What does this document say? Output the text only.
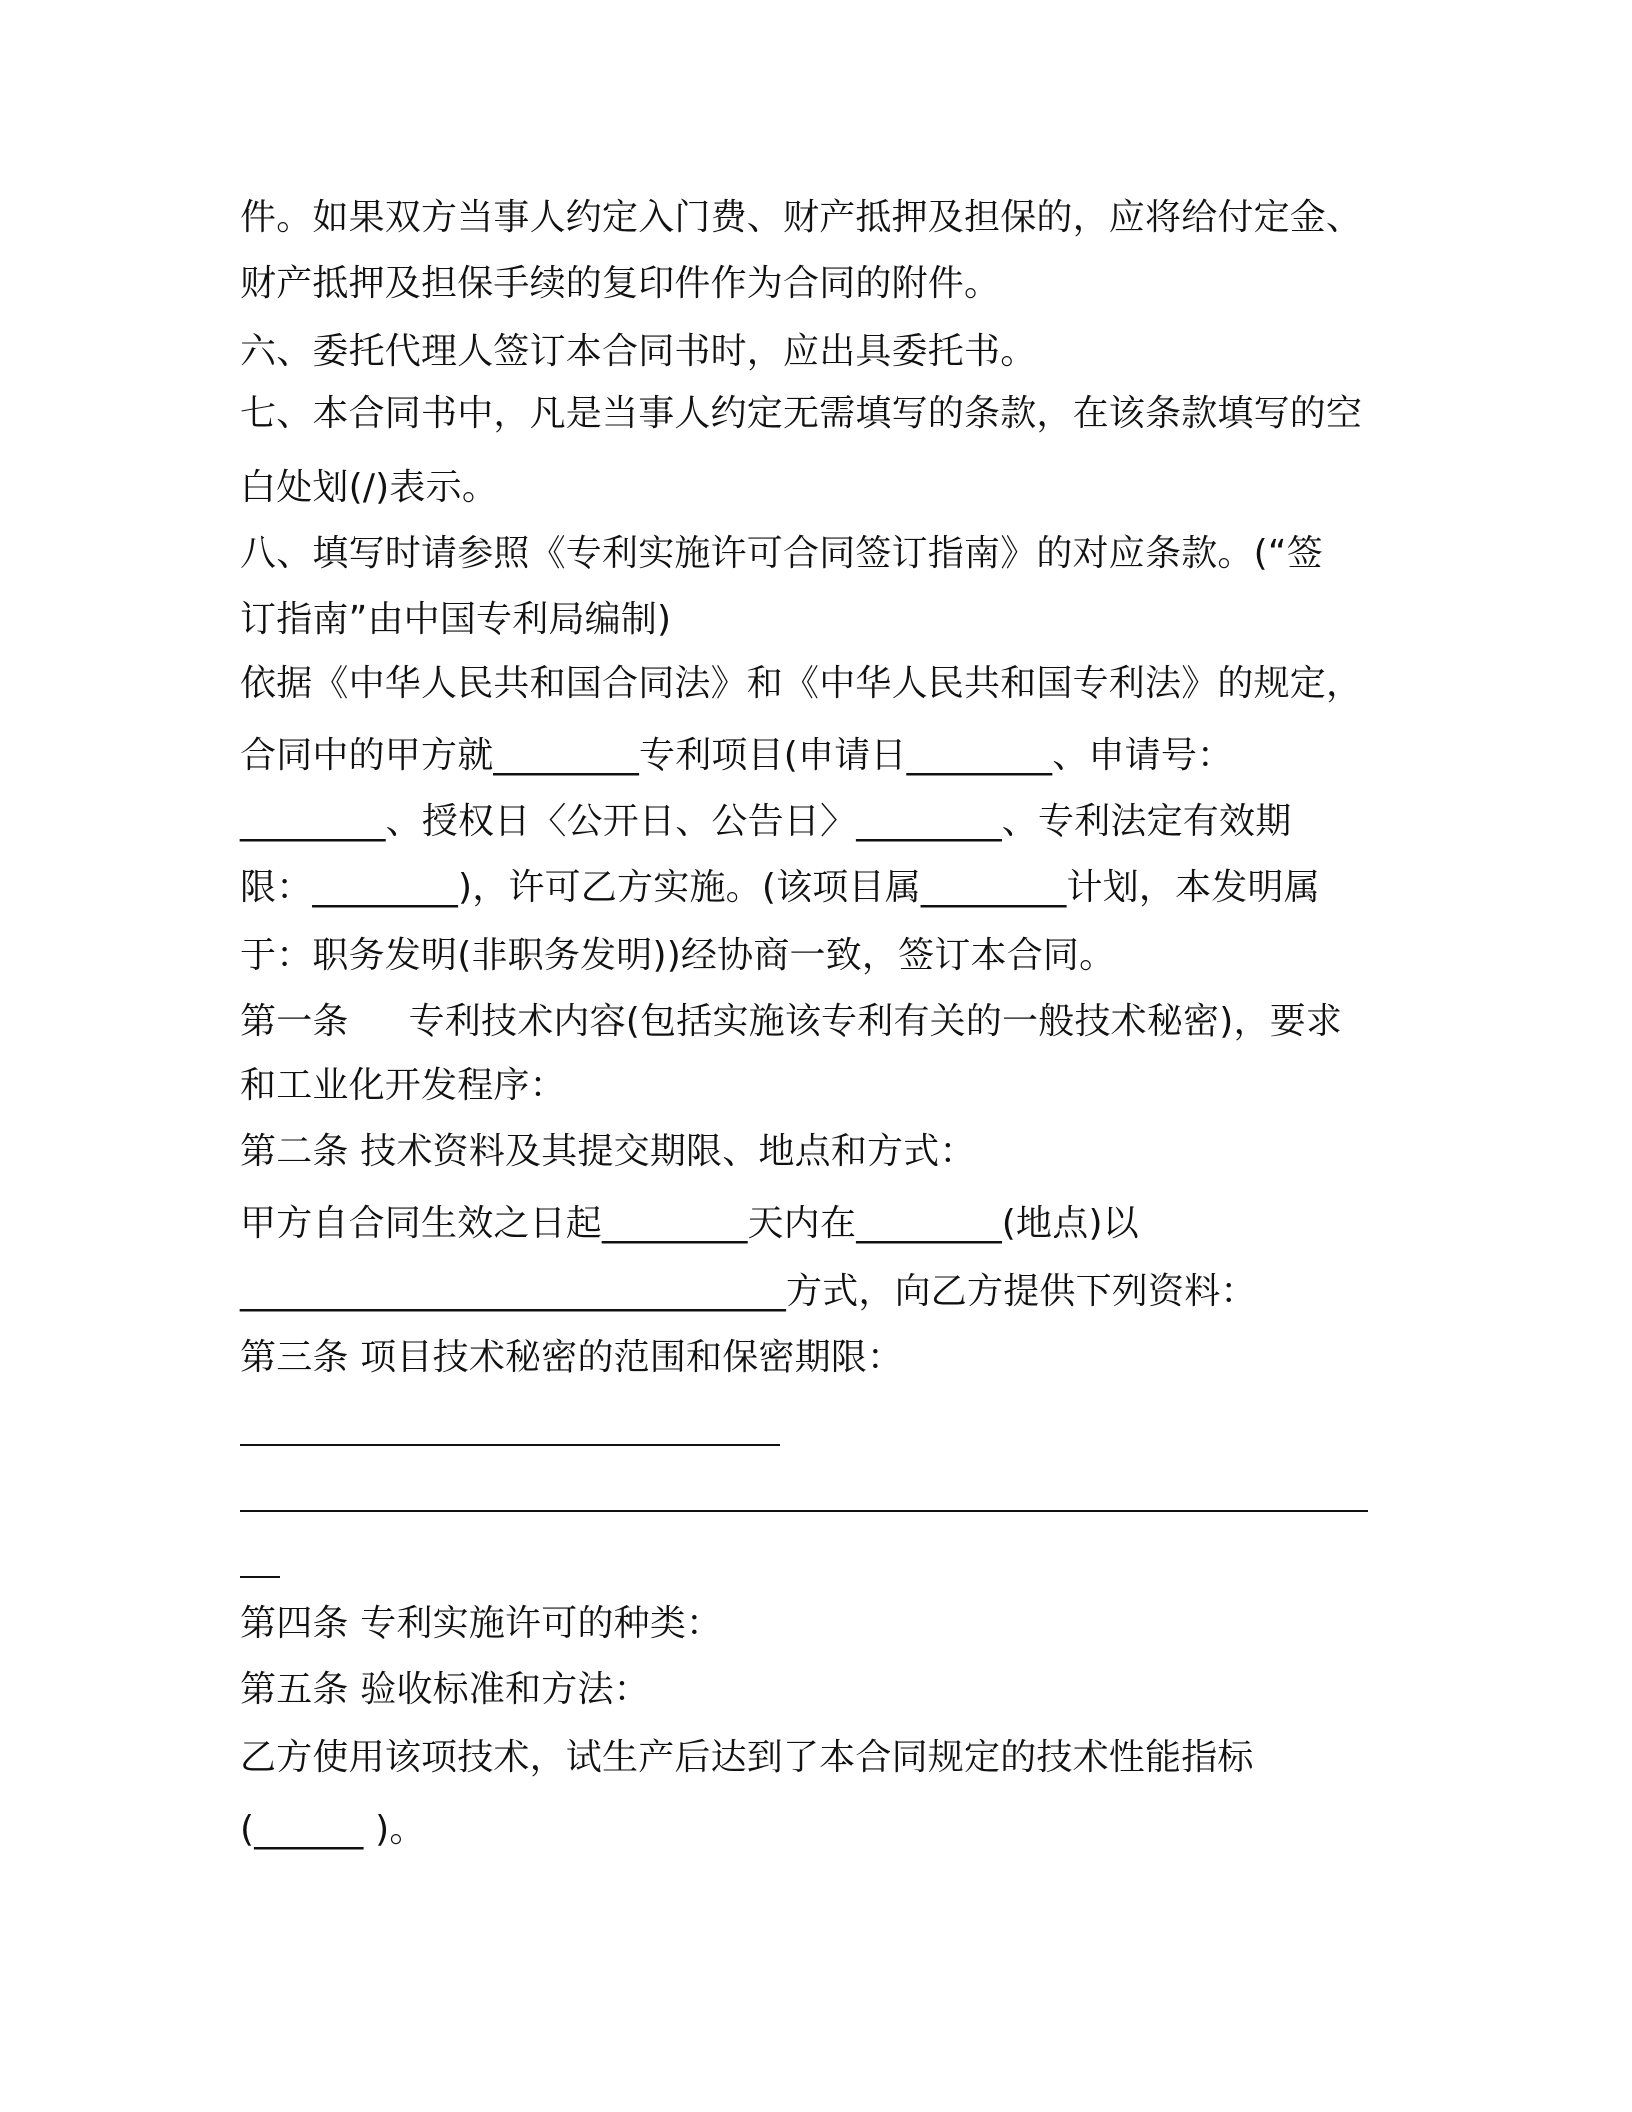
件。如果双方当事人约定入门费、财产抵押及担保的，应将给付定金、
财产抵押及担保手续的复印件作为合同的附件。
六、委托代理人签订本合同书时，应出具委托书。
七、本合同书中，凡是当事人约定无需填写的条款，在该条款填写的空
白处划(/)表示。
八、填写时请参照《专利实施许可合同签订指南》的对应条款。(“签
订指南”由中国专利局编制)
依据《中华人民共和国合同法》和《中华人民共和国专利法》的规定，
合同中的甲方就________专利项目(申请日________、申请号：
________、授权日〈公开日、公告日〉________、专利法定有效期
限：________)，许可乙方实施。(该项目属________计划，本发明属
于：职务发明(非职务发明))经协商一致，签订本合同。
第一条 专利技术内容(包括实施该专利有关的一般技术秘密)，要求
和工业化开发程序：
第二条 技术资料及其提交期限、地点和方式：
甲方自合同生效之日起________天内在________(地点)以
______________________________方式，向乙方提供下列资料：
第三条 项目技术秘密的范围和保密期限：
第四条 专利实施许可的种类：
第五条 验收标准和方法：
乙方使用该项技术，试生产后达到了本合同规定的技术性能指标
(______ )。
